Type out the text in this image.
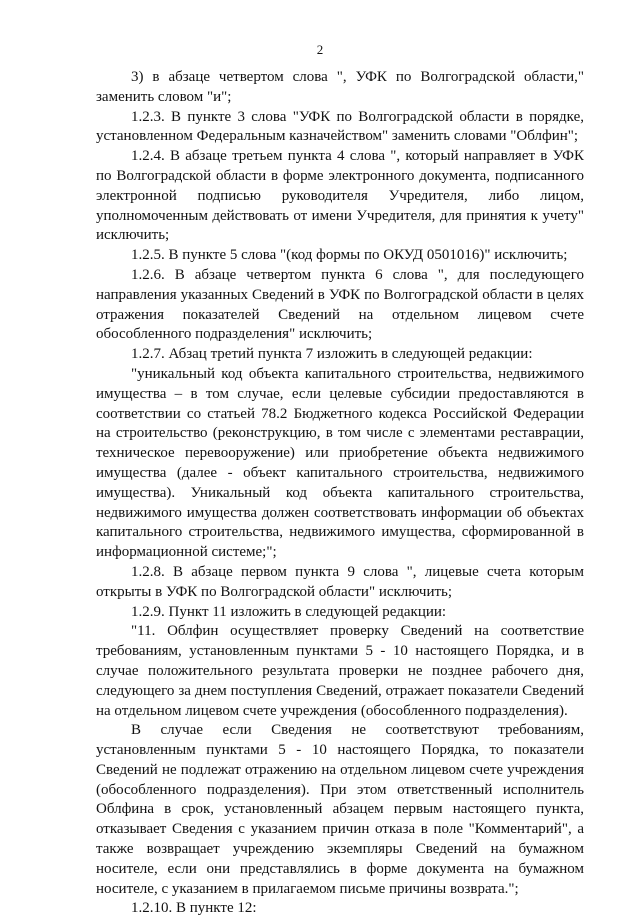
2

3) в абзаце четвертом слова ", УФК по Волгоградской области," заменить словом "и";

1.2.3. В пункте 3 слова "УФК по Волгоградской области в порядке, установленном Федеральным казначейством" заменить словами "Облфин";

1.2.4. В абзаце третьем пункта 4 слова ", который направляет в УФК по Волгоградской области в форме электронного документа, подписанного электронной подписью руководителя Учредителя, либо лицом, уполномоченным действовать от имени Учредителя, для принятия к учету" исключить;

1.2.5. В пункте 5 слова "(код формы по ОКУД 0501016)" исключить;

1.2.6. В абзаце четвертом пункта 6 слова ", для последующего направления указанных Сведений в УФК по Волгоградской области в целях отражения показателей Сведений на отдельном лицевом счете обособленного подразделения" исключить;

1.2.7. Абзац третий пункта 7 изложить в следующей редакции:

"уникальный код объекта капитального строительства, недвижимого имущества – в том случае, если целевые субсидии предоставляются в соответствии со статьей 78.2 Бюджетного кодекса Российской Федерации на строительство (реконструкцию, в том числе с элементами реставрации, техническое перевооружение) или приобретение объекта недвижимого имущества (далее - объект капитального строительства, недвижимого имущества). Уникальный код объекта капитального строительства, недвижимого имущества должен соответствовать информации об объектах капитального строительства, недвижимого имущества, сформированной в информационной системе;";

1.2.8. В абзаце первом пункта 9 слова ", лицевые счета которым открыты в УФК по Волгоградской области" исключить;

1.2.9. Пункт 11 изложить в следующей редакции:

"11. Облфин осуществляет проверку Сведений на соответствие требованиям, установленным пунктами 5 - 10 настоящего Порядка, и в случае положительного результата проверки не позднее рабочего дня, следующего за днем поступления Сведений, отражает показатели Сведений на отдельном лицевом счете учреждения (обособленного подразделения).

В случае если Сведения не соответствуют требованиям, установленным пунктами 5 - 10 настоящего Порядка, то показатели Сведений не подлежат отражению на отдельном лицевом счете учреждения (обособленного подразделения). При этом ответственный исполнитель Облфина в срок, установленный абзацем первым настоящего пункта, отказывает Сведения с указанием причин отказа в поле "Комментарий", а также возвращает учреждению экземпляры Сведений на бумажном носителе, если они представлялись в форме документа на бумажном носителе, с указанием в прилагаемом письме причины возврата.";

1.2.10. В пункте 12:
